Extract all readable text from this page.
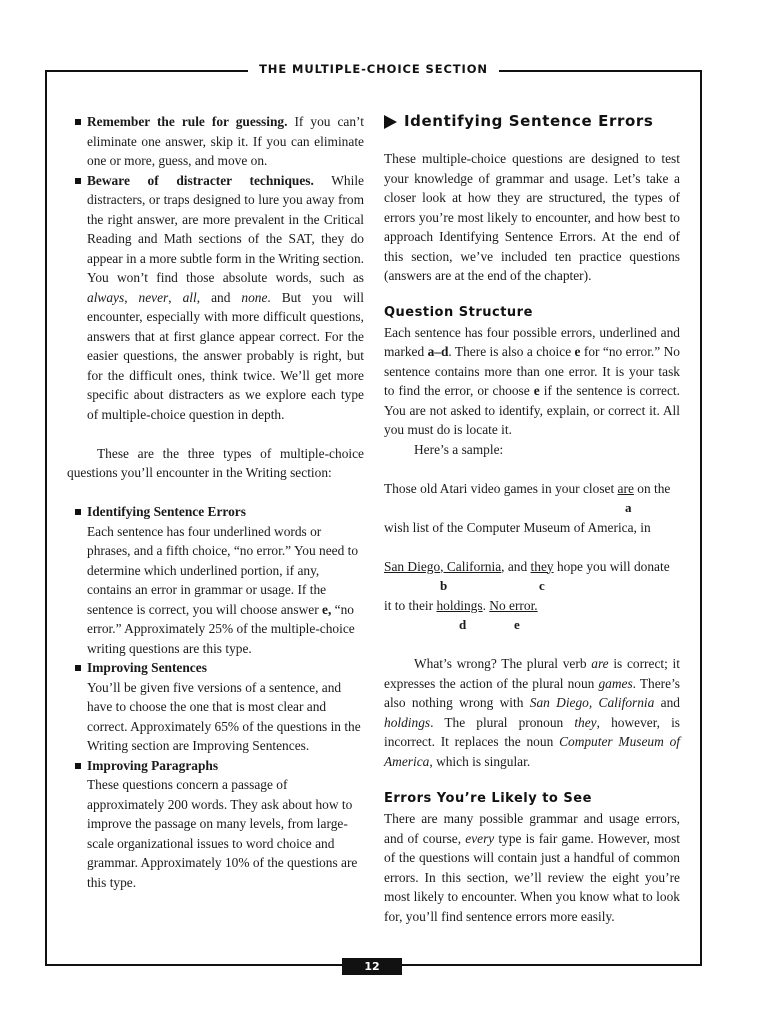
THE MULTIPLE-CHOICE SECTION
Remember the rule for guessing. If you can’t eliminate one answer, skip it. If you can eliminate one or more, guess, and move on.
Beware of distracter techniques. While distracters, or traps designed to lure you away from the right answer, are more prevalent in the Critical Reading and Math sections of the SAT, they do appear in a more subtle form in the Writing section. You won’t find those absolute words, such as always, never, all, and none. But you will encounter, especially with more difficult questions, answers that at first glance appear correct. For the easier questions, the answer probably is right, but for the difficult ones, think twice. We’ll get more specific about distracters as we explore each type of multiple-choice question in depth.

These are the three types of multiple-choice questions you’ll encounter in the Writing section:

Identifying Sentence Errors
Each sentence has four underlined words or phrases, and a fifth choice, “no error.” You need to determine which underlined portion, if any, contains an error in grammar or usage. If the sentence is correct, you will choose answer e, “no error.” Approximately 25% of the multiple-choice writing questions are this type.
Improving Sentences
You’ll be given five versions of a sentence, and have to choose the one that is most clear and correct. Approximately 65% of the questions in the Writing section are Improving Sentences.
Improving Paragraphs
These questions concern a passage of approximately 200 words. They ask about how to improve the passage on many levels, from large-scale organizational issues to word choice and grammar. Approximately 10% of the questions are this type.
Identifying Sentence Errors

These multiple-choice questions are designed to test your knowledge of grammar and usage. Let’s take a closer look at how they are structured, the types of errors you’re most likely to encounter, and how best to approach Identifying Sentence Errors. At the end of this section, we’ve included ten practice questions (answers are at the end of the chapter).

Question Structure

Each sentence has four possible errors, underlined and marked a–d. There is also a choice e for “no error.” No sentence contains more than one error. It is your task to find the error, or choose e if the sentence is correct. You are not asked to identify, explain, or correct it. All you must do is locate it.

Here’s a sample:

Those old Atari video games in your closet are on the
a
wish list of the Computer Museum of America, in
San Diego, California, and they hope you will donate
b	c
it to their holdings. No error.
d	e

What’s wrong? The plural verb are is correct; it expresses the action of the plural noun games. There’s also nothing wrong with San Diego, California and holdings. The plural pronoun they, however, is incorrect. It replaces the noun Computer Museum of America, which is singular.

Errors You’re Likely to See

There are many possible grammar and usage errors, and of course, every type is fair game. However, most of the questions will contain just a handful of common errors. In this section, we’ll review the eight you’re most likely to encounter. When you know what to look for, you’ll find sentence errors more easily.

12
